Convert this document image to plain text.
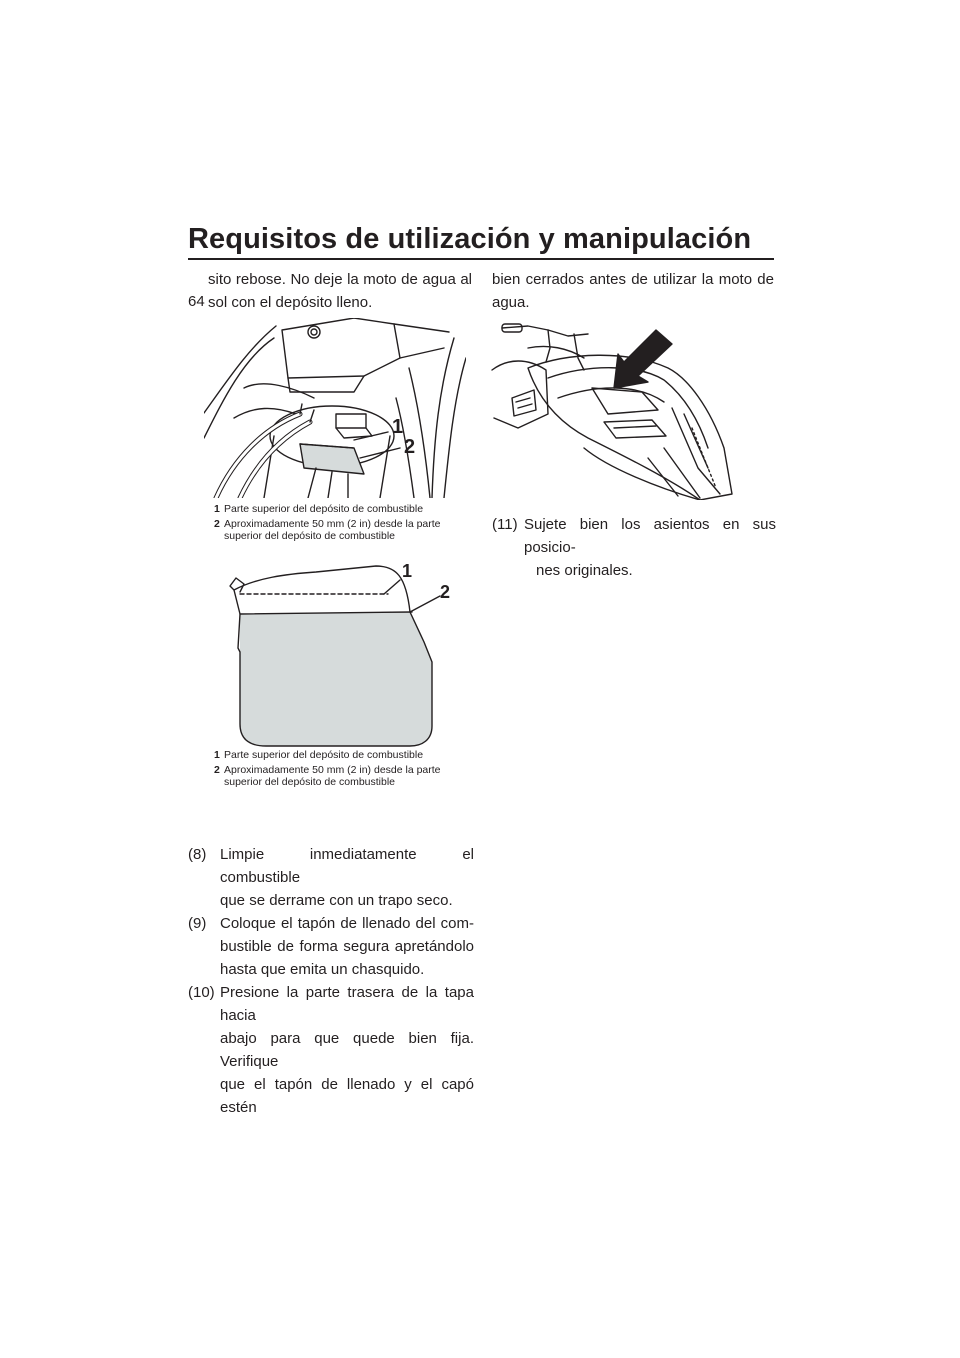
Requisitos de utilización y manipulación
64

sito rebose. No deje la moto de agua al
sol con el depósito lleno.

1
2
1 Parte superior del depósito de combustible
2 Aproximadamente 50 mm (2 in) desde la parte superior del depósito de combustible
1
2
1 Parte superior del depósito de combustible
2 Aproximadamente 50 mm (2 in) desde la parte superior del depósito de combustible
(8) Limpie inmediatamente el combustible
que se derrame con un trapo seco.
(9) Coloque el tapón de llenado del com-
bustible de forma segura apretándolo
hasta que emita un chasquido.
(10) Presione la parte trasera de la tapa hacia
abajo para que quede bien fija. Verifique
que el tapón de llenado y el capó estén

bien cerrados antes de utilizar la moto de
agua.

(11) Sujete bien los asientos en sus posicio-
nes originales.
